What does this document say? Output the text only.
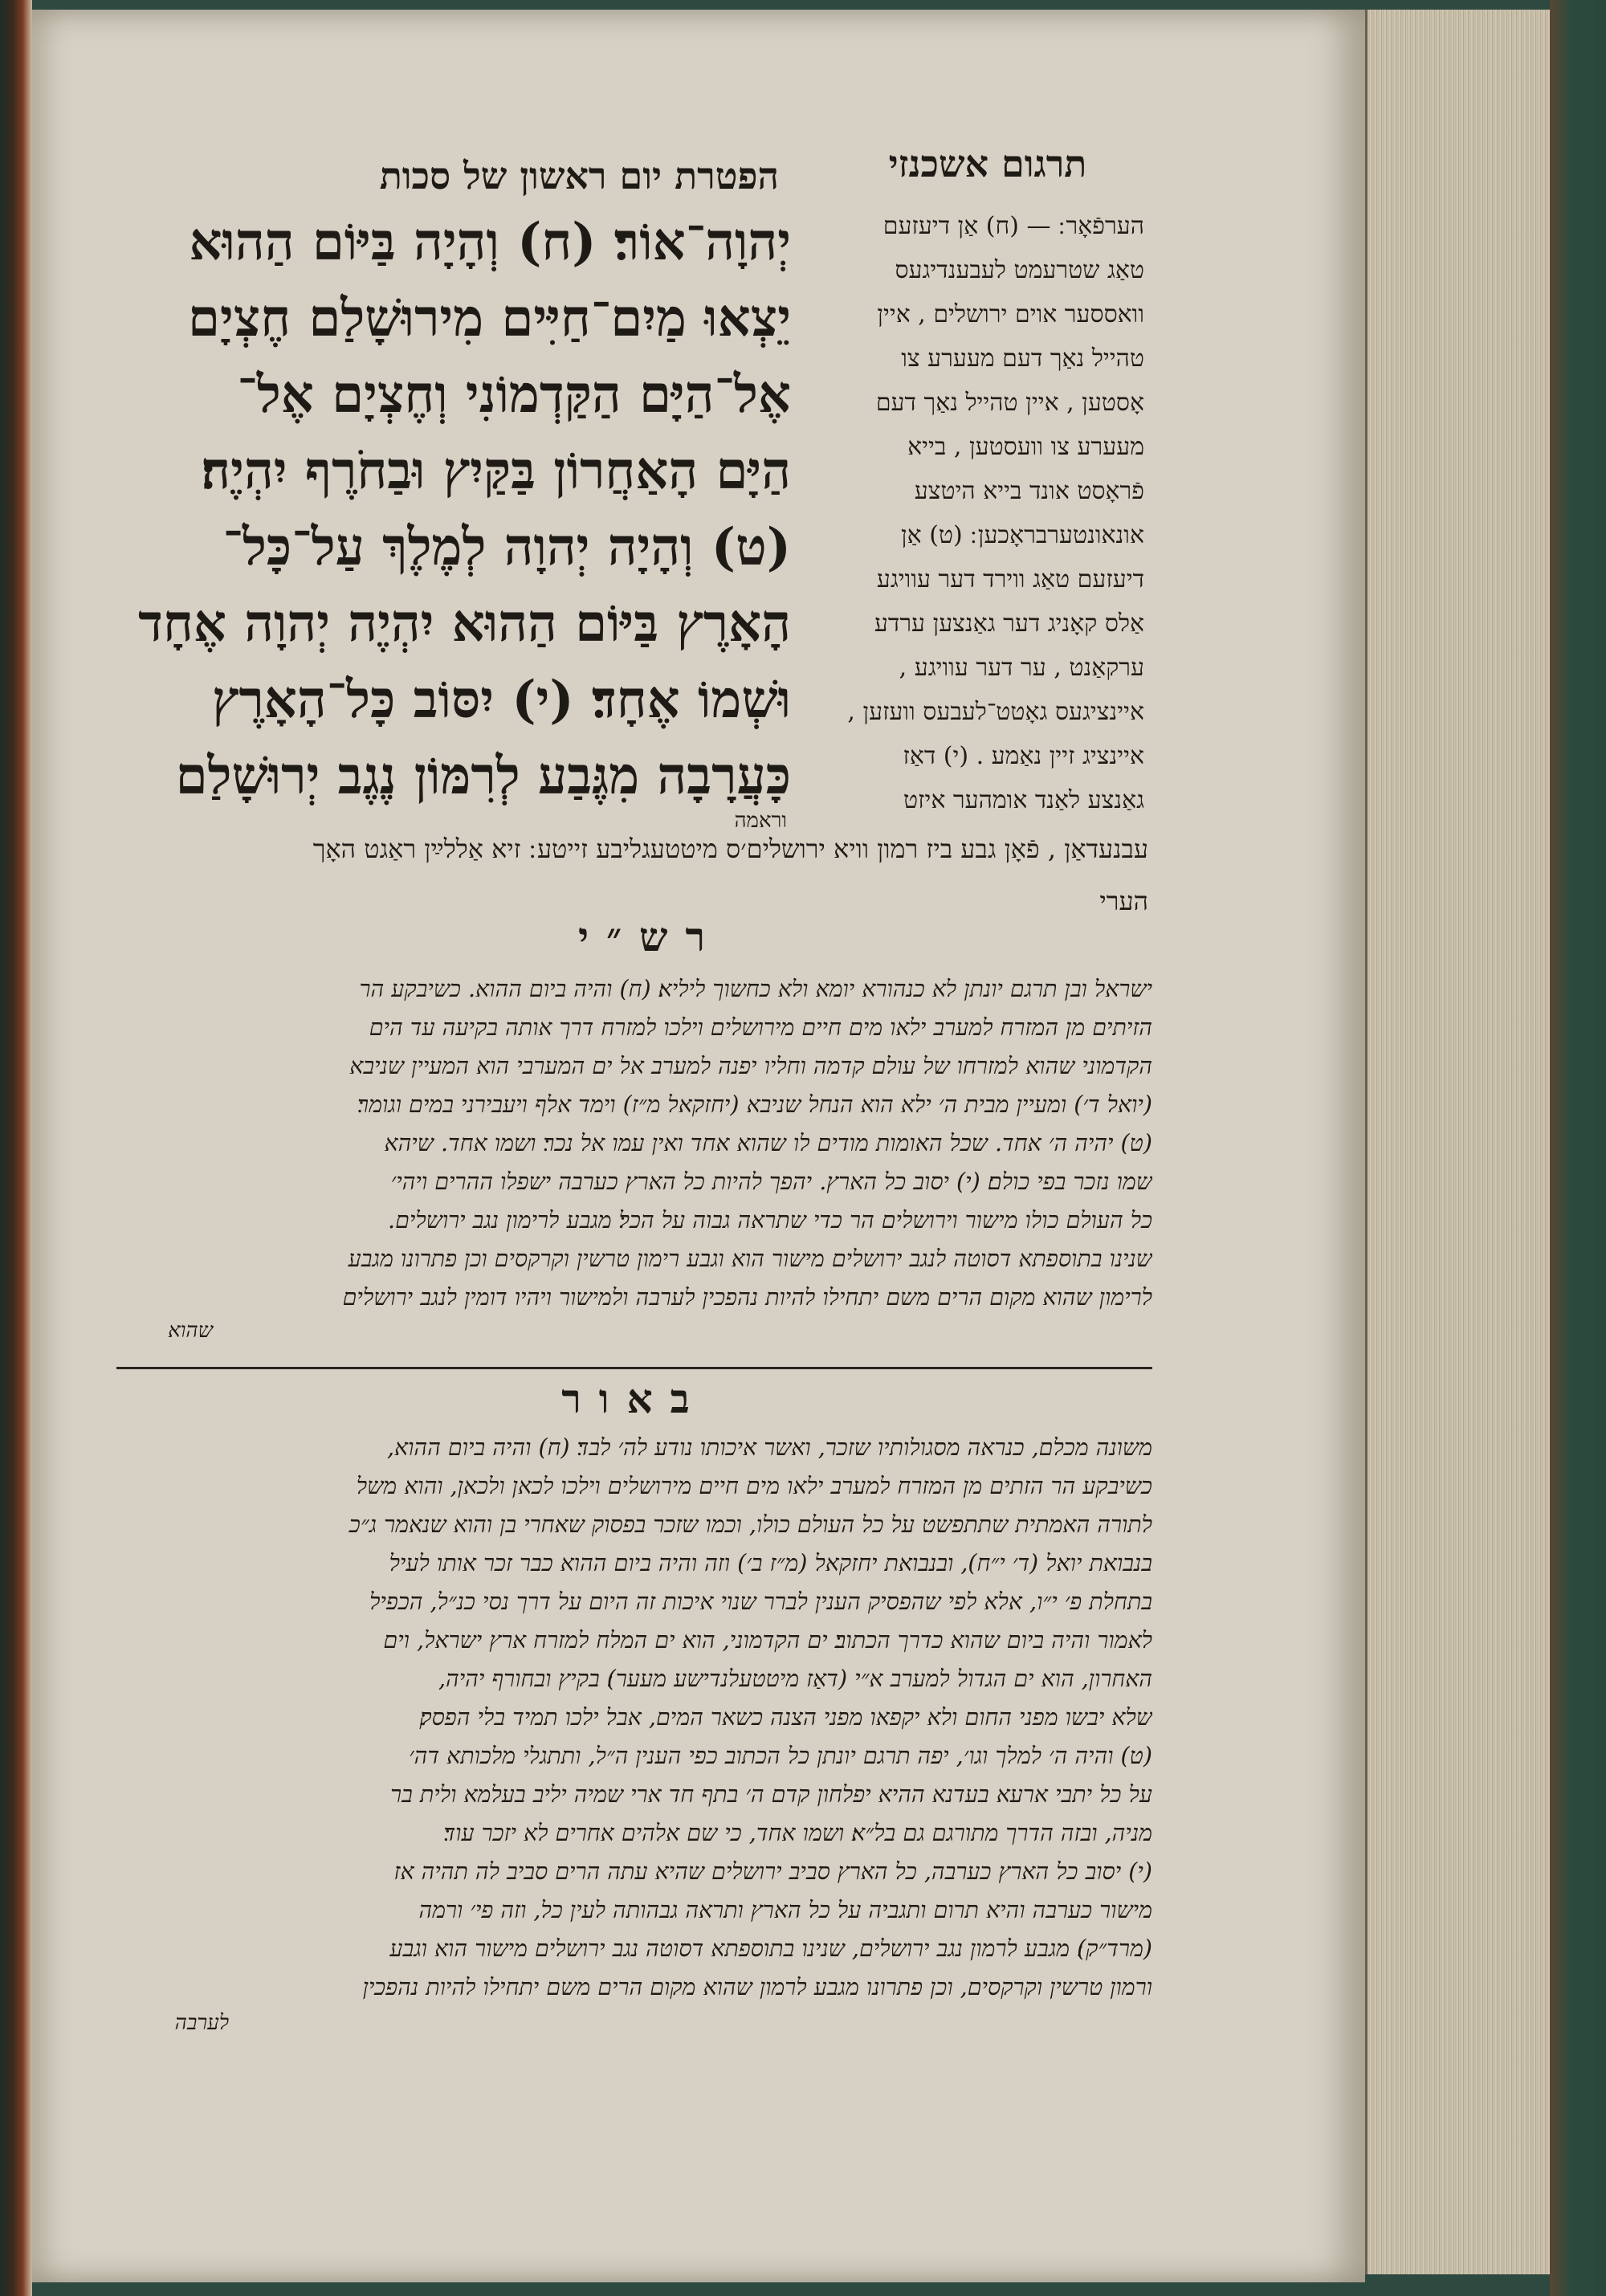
הפטרת יום ראשון של סכות	תרגום אשכנזי
יְהוָה־אוֹר׃ (ח) וְהָיָה בַּיּוֹם הַהוּא
יֵצְאוּ מַיִם־חַיִּים מִירוּשָׁלַם חֶצְיָם
אֶל־הַיָּם הַקַּדְמוֹנִי וְחֶצְיָם אֶל־
הַיָּם הָאַחֲרוֹן בַּקַּיִץ וּבַחֹרֶף יִהְיֶה׃
(ט) וְהָיָה יְהוָה לְמֶלֶךְ עַל־כָּל־
הָאָרֶץ בַּיּוֹם הַהוּא יִהְיֶה יְהוָה אֶחָד
וּשְׁמוֹ אֶחָד׃ (י) יִסּוֹב כָּל־הָאָרֶץ
כָּעֲרָבָה מִגֶּבַע לְרִמּוֹן נֶגֶב יְרוּשָׁלַם
וראמה
הערפֿאָר ׃ — (ח) אַן דיעזעם
טאַג שטרעמט לעבענדיגעס
וואססער אוים ירושלים , איין
טהייל נאַך דעם מעערע צו
אָסטען , איין טהייל נאַך דעם
מעערע צו וועסטען , בייא
פֿראָסט אונד בייא היטצע
אונאונטערבראָכען ׃ (ט) אַן
דיעזעם טאַג ווירד דער עוויגע
אַלס קאָניג דער גאַנצען ערדע
ערקאַנט , ער דער עוויגע ,
איינציגעס גאָטט־לעבעס וועזען ,
איינציג זיין נאַמע . (י) דאַז
גאַנצע לאַנד אומהער איזט
עבנעדאַן , פֿאָן גבע ביז רמון וויא ירושלים׳ס מיטטעגליבע זייטע ׃ זיא אַללײַן ראַגט האָך
הערי
רש״י
ישראל ובן תרגם יונתן לא כנהורא יומא ולא כחשוך ליליא׃ (ח) והיה ביום ההוא. כשיבקע הר
הזיתים מן המזרח למערב ילאו מים חיים מירושלים וילכו למזרח דרך אותה בקיעה עד הים
הקדמוני שהוא למזרחו של עולם קדמה וחליו יפנה למערב אל ים המערבי הוא המעיין שניבא
(יואל ד׳) ומעיין מבית ה׳ ילא הוא הנחל שניבא (יחזקאל מ״ז) וימד אלף ויעבירני במים וגומר׃
(ט) יהיה ה׳ אחד. שכל האומות מודים לו שהוא אחד ואין עמו אל נכר׃ ושמו אחד. שיהא
שמו נזכר בפי כולם׃ (י) יסוב כל הארץ. יהפך להיות כל הארץ כערבה ישפלו ההרים ויהי׳
כל העולם כולו מישור וירושלים הר כדי שתראה גבוה על הכל׃ מגבע לרימון נגב ירושלים.
שנינו בתוספתא דסוטה לנגב ירושלים מישור הוא וגבע רימון טרשין וקרקסים וכן פתרונו מגבע
לרימון שהוא מקום הרים משם יתחילו להיות נהפכין לערבה ולמישור ויהיו דומין לנגב ירושלים
שהוא
באור
משונה מכלם, כנראה מסגולותיו שזכר, ואשר איכותו נודע לה׳ לבד׃ (ח) והיה ביום ההוא,
כשיבקע הר הזתים מן המזרח למערב ילאו מים חיים מירושלים וילכו לכאן ולכאן, והוא משל
לתורה האמתית שתתפשט על כל העולם כולו, וכמו שזכר בפסוק שאחרי בן והוא שנאמר ג״כ
בנבואת יואל (ד׳ י״ח), ובנבואת יחזקאל (מ״ז ב׳) וזה והיה ביום ההוא כבר זכר אותו לעיל
בתחלת פ׳ י״ו, אלא לפי שהפסיק הענין לברר שנוי איכות זה היום על דרך נסי כנ״ל, הכפיל
לאמור והיה ביום שהוא כדרך הכתוב׃ ים הקדמוני, הוא ים המלח למזרח ארץ ישראל, וים
האחרון, הוא ים הגדול למערב א״י (דאַז מיטטעלנדישע מעער)׃ בקיץ ובחורף יהיה,
שלא יבשו מפני החום ולא יקפאו מפני הצנה כשאר המים, אבל ילכו תמיד בלי הפסק׃
(ט) והיה ה׳ למלך וגו׳, יפה תרגם יונתן כל הכתוב כפי הענין ה״ל, ותתגלי מלכותא דה׳
על כל יתבי ארעא בעדנא ההיא יפלחון קדם ה׳ בתף חד ארי שמיה יליב בעלמא ולית בר
מניה, ובזה הדרך מתורגם גם בל״א׃ ושמו אחד, כי שם אלהים אחרים לא יזכר עוד׃
(י) יסוב כל הארץ כערבה, כל הארץ סביב ירושלים שהיא עתה הרים סביב לה תהיה אז
מישור כערבה והיא תרום ותגביה על כל הארץ ותראה גבהותה לעין כל, וזה פי׳ ורמה
(מרד״ק)׃ מגבע לרמון נגב ירושלים, שנינו בתוספתא דסוטה נגב ירושלים מישור הוא וגבע
ורמון טרשין וקרקסים, וכן פתרונו מגבע לרמון שהוא מקום הרים משם יתחילו להיות נהפכין
לערבה
